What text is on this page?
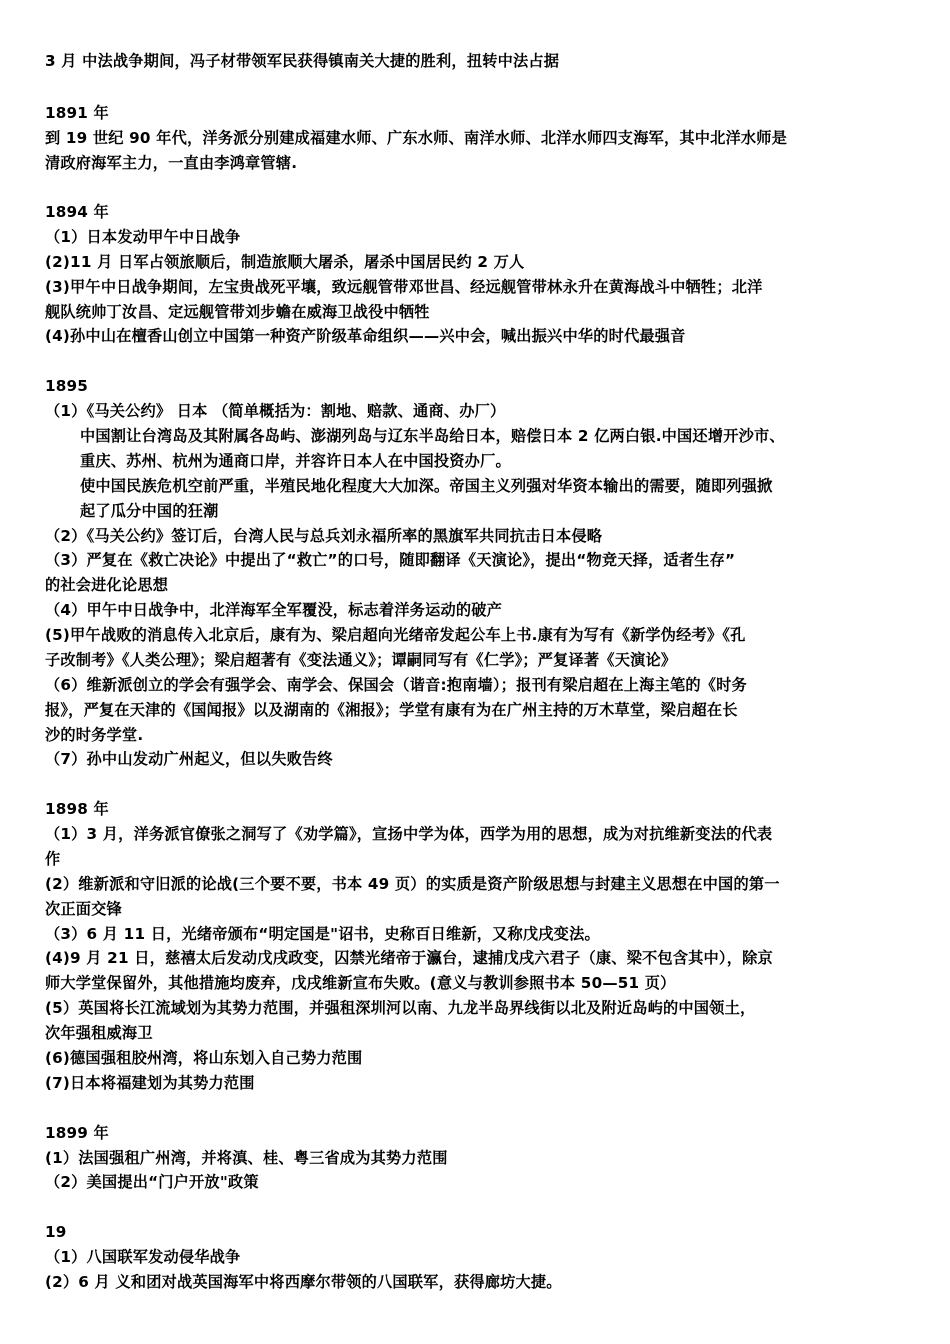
3 月 中法战争期间，冯子材带领军民获得镇南关大捷的胜利，扭转中法占据
1891 年
到 19 世纪 90 年代，洋务派分别建成福建水师、广东水师、南洋水师、北洋水师四支海军，其中北洋水师是
清政府海军主力，一直由李鸿章管辖.
1894 年
（1）日本发动甲午中日战争
(2)11 月 日军占领旅顺后，制造旅顺大屠杀，屠杀中国居民约 2 万人
(3)甲午中日战争期间，左宝贵战死平壤，致远舰管带邓世昌、经远舰管带林永升在黄海战斗中牺牲；北洋
舰队统帅丁汝昌、定远舰管带刘步蟾在威海卫战役中牺牲
(4)孙中山在檀香山创立中国第一种资产阶级革命组织——兴中会，喊出振兴中华的时代最强音
1895
（1）《马关公约》 日本 （简单概括为：割地、赔款、通商、办厂）
中国割让台湾岛及其附属各岛屿、澎湖列岛与辽东半岛给日本，赔偿日本 2 亿两白银.中国还增开沙市、
重庆、苏州、杭州为通商口岸，并容许日本人在中国投资办厂。
使中国民族危机空前严重，半殖民地化程度大大加深。帝国主义列强对华资本输出的需要，随即列强掀
起了瓜分中国的狂潮
（2）《马关公约》签订后，台湾人民与总兵刘永福所率的黑旗军共同抗击日本侵略
（3）严复在《救亡决论》中提出了“救亡”的口号，随即翻译《天演论》，提出“物竞天择，适者生存”
的社会进化论思想
（4）甲午中日战争中，北洋海军全军覆没，标志着洋务运动的破产
(5)甲午战败的消息传入北京后，康有为、梁启超向光绪帝发起公车上书.康有为写有《新学伪经考》《孔
子改制考》《人类公理》；梁启超著有《变法通义》；谭嗣同写有《仁学》；严复译著《天演论》
（6）维新派创立的学会有强学会、南学会、保国会（谐音:抱南墙）；报刊有梁启超在上海主笔的《时务
报》，严复在天津的《国闻报》以及湖南的《湘报》；学堂有康有为在广州主持的万木草堂，梁启超在长
沙的时务学堂.
（7）孙中山发动广州起义，但以失败告终
1898 年
（1）3 月，洋务派官僚张之洞写了《劝学篇》，宣扬中学为体，西学为用的思想，成为对抗维新变法的代表
作
(2）维新派和守旧派的论战(三个要不要，书本 49 页）的实质是资产阶级思想与封建主义思想在中国的第一
次正面交锋
（3）6 月 11 日，光绪帝颁布“明定国是"诏书，史称百日维新，又称戊戌变法。
(4)9 月 21 日，慈禧太后发动戊戌政变，囚禁光绪帝于瀛台，逮捕戊戌六君子（康、梁不包含其中），除京
师大学堂保留外，其他措施均废弃，戊戌维新宣布失败。(意义与教训参照书本 50—51 页）
(5）英国将长江流域划为其势力范围，并强租深圳河以南、九龙半岛界线街以北及附近岛屿的中国领土，
次年强租威海卫
(6)德国强租胶州湾，将山东划入自己势力范围
(7)日本将福建划为其势力范围
1899 年
(1）法国强租广州湾，并将滇、桂、粤三省成为其势力范围
（2）美国提出“门户开放"政策
19
（1）八国联军发动侵华战争
(2）6 月 义和团对战英国海军中将西摩尔带领的八国联军，获得廊坊大捷。
